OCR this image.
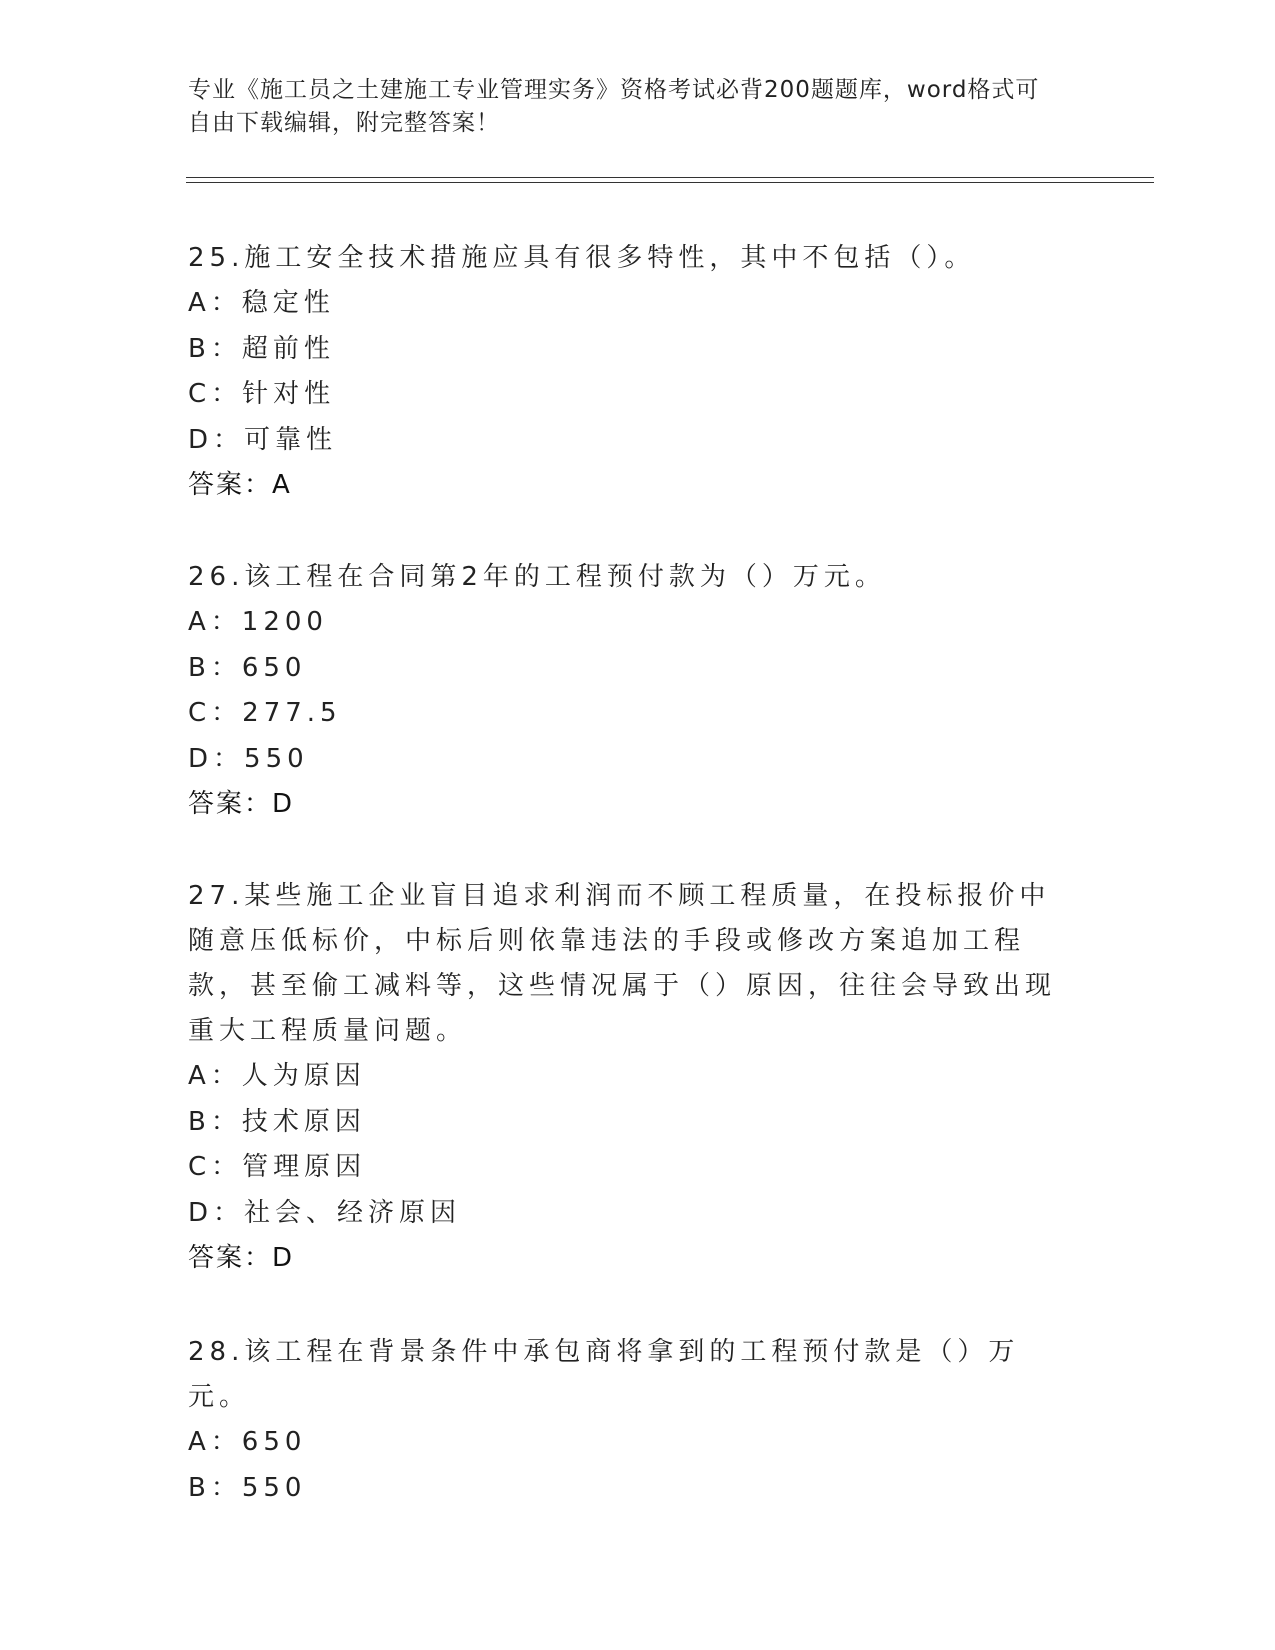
专业《施工员之土建施工专业管理实务》资格考试必背200题题库，word格式可
自由下载编辑，附完整答案！

25.施工安全技术措施应具有很多特性，其中不包括（）。

A：稳定性

B：超前性

C：针对性

D：可靠性

答案：A

26.该工程在合同第2年的工程预付款为（）万元。

A：1200

B：650

C：277.5

D：550

答案：D

27.某些施工企业盲目追求利润而不顾工程质量，在投标报价中随意压低标价，中标后则依靠违法的手段或修改方案追加工程款，甚至偷工减料等，这些情况属于（）原因，往往会导致出现重大工程质量问题。

A：人为原因

B：技术原因

C：管理原因

D：社会、经济原因

答案：D

28.该工程在背景条件中承包商将拿到的工程预付款是（）万元。

A：650

B：550
